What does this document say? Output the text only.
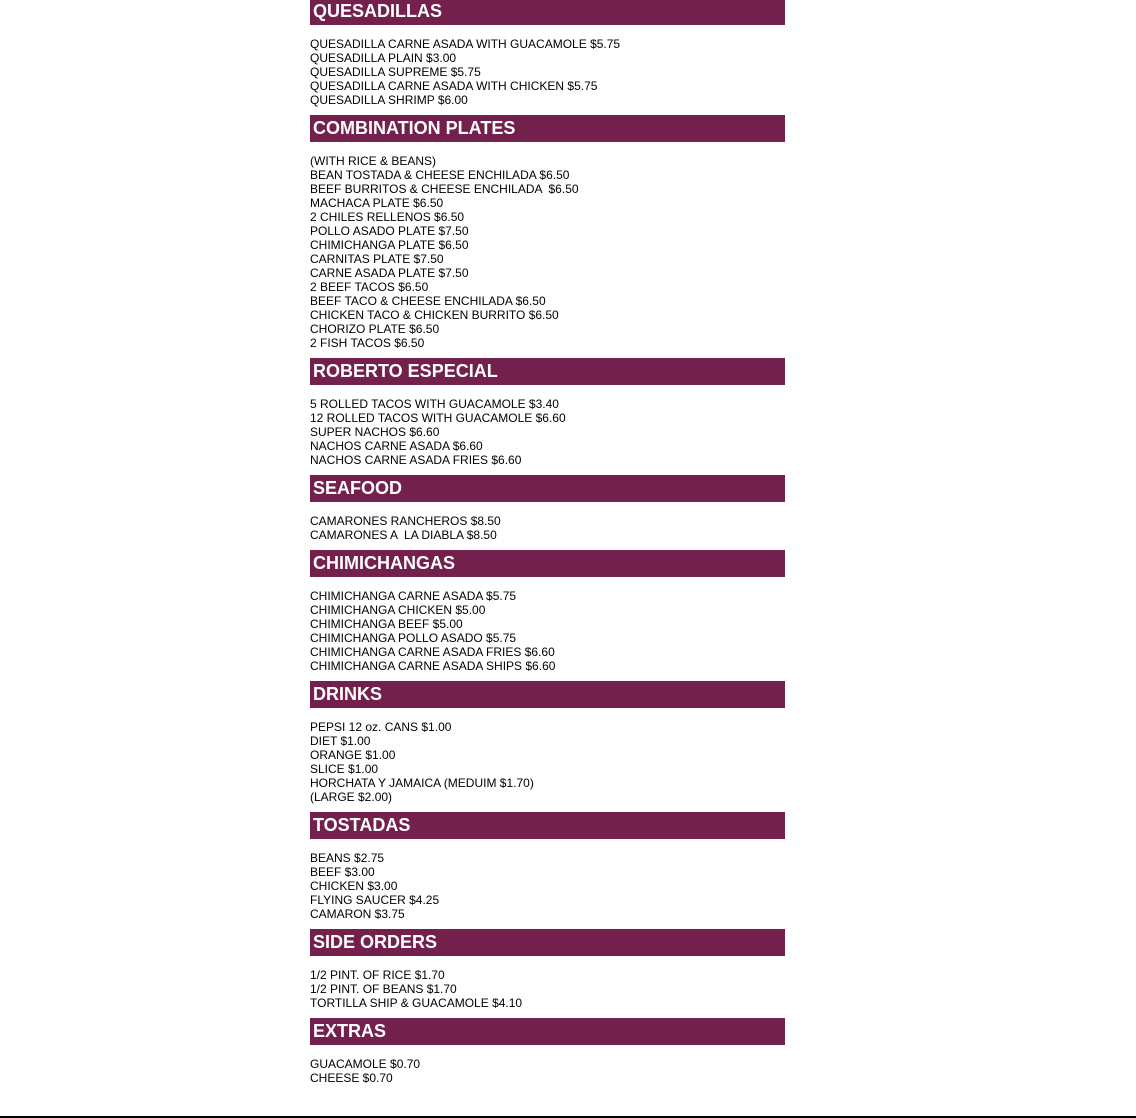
QUESADILLAS
QUESADILLA CARNE ASADA WITH GUACAMOLE $5.75
QUESADILLA PLAIN $3.00
QUESADILLA SUPREME $5.75
QUESADILLA CARNE ASADA WITH CHICKEN $5.75
QUESADILLA SHRIMP $6.00
COMBINATION PLATES
(WITH RICE & BEANS)
BEAN TOSTADA & CHEESE ENCHILADA $6.50
BEEF BURRITOS & CHEESE ENCHILADA  $6.50
MACHACA PLATE $6.50
2 CHILES RELLENOS $6.50
POLLO ASADO PLATE $7.50
CHIMICHANGA PLATE $6.50
CARNITAS PLATE $7.50
CARNE ASADA PLATE $7.50
2 BEEF TACOS $6.50
BEEF TACO & CHEESE ENCHILADA $6.50
CHICKEN TACO & CHICKEN BURRITO $6.50
CHORIZO PLATE $6.50
2 FISH TACOS $6.50
ROBERTO ESPECIAL
5 ROLLED TACOS WITH GUACAMOLE $3.40
12 ROLLED TACOS WITH GUACAMOLE $6.60
SUPER NACHOS $6.60
NACHOS CARNE ASADA $6.60
NACHOS CARNE ASADA FRIES $6.60
SEAFOOD
CAMARONES RANCHEROS $8.50
CAMARONES A  LA DIABLA $8.50
CHIMICHANGAS
CHIMICHANGA CARNE ASADA $5.75
CHIMICHANGA CHICKEN $5.00
CHIMICHANGA BEEF $5.00
CHIMICHANGA POLLO ASADO $5.75
CHIMICHANGA CARNE ASADA FRIES $6.60
CHIMICHANGA CARNE ASADA SHIPS $6.60
DRINKS
PEPSI 12 oz. CANS $1.00
DIET $1.00
ORANGE $1.00
SLICE $1.00
HORCHATA Y JAMAICA (MEDUIM $1.70)
(LARGE $2.00)
TOSTADAS
BEANS $2.75
BEEF $3.00
CHICKEN $3.00
FLYING SAUCER $4.25
CAMARON $3.75
SIDE ORDERS
1/2 PINT. OF RICE $1.70
1/2 PINT. OF BEANS $1.70
TORTILLA SHIP & GUACAMOLE $4.10
EXTRAS
GUACAMOLE $0.70
CHEESE $0.70
